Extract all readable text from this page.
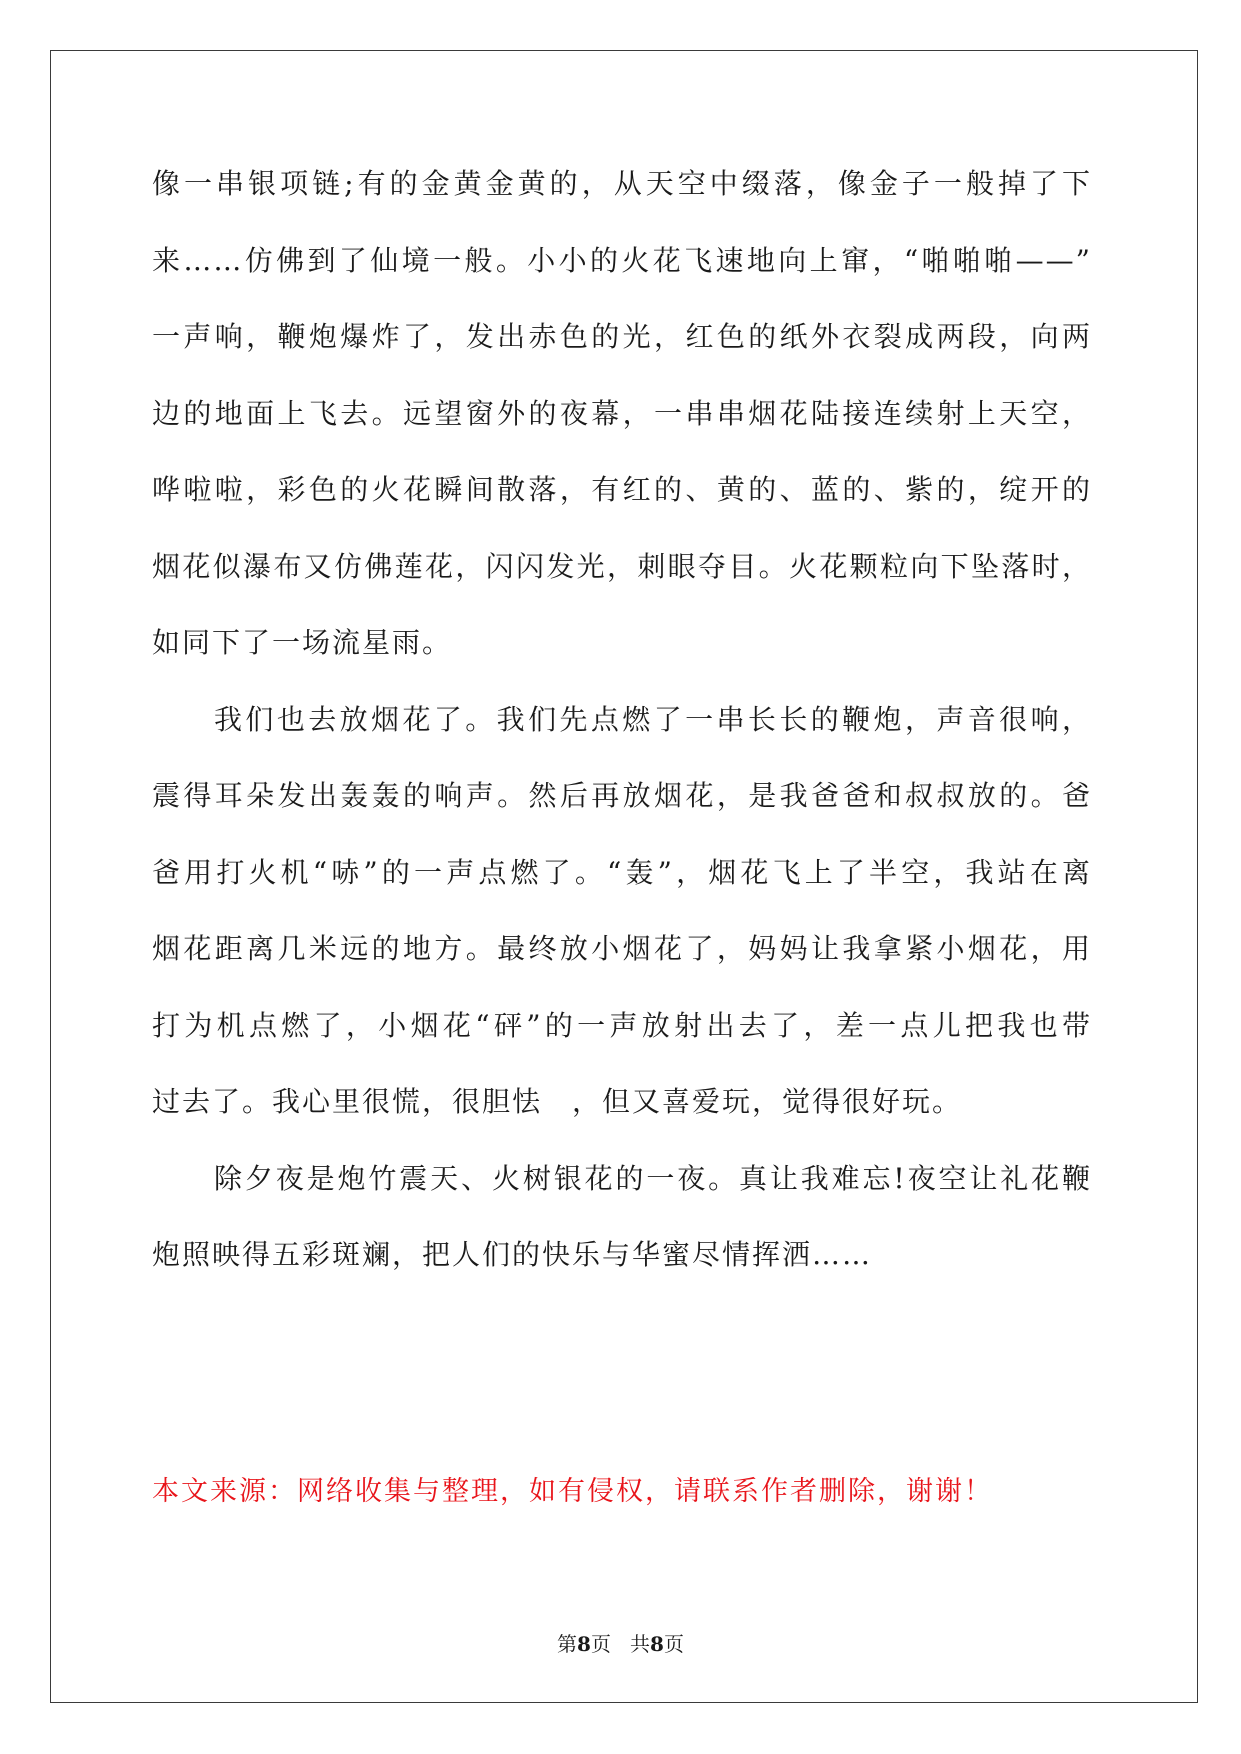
像一串银项链;有的金黄金黄的，从天空中缀落，像金子一般掉了下
来……仿佛到了仙境一般。小小的火花飞速地向上窜，“啪啪啪——”
一声响，鞭炮爆炸了，发出赤色的光，红色的纸外衣裂成两段，向两
边的地面上飞去。远望窗外的夜幕，一串串烟花陆接连续射上天空，
哗啦啦，彩色的火花瞬间散落，有红的、黄的、蓝的、紫的，绽开的
烟花似瀑布又仿佛莲花，闪闪发光，刺眼夺目。火花颗粒向下坠落时，
如同下了一场流星雨。
我们也去放烟花了。我们先点燃了一串长长的鞭炮，声音很响，
震得耳朵发出轰轰的响声。然后再放烟花，是我爸爸和叔叔放的。爸
爸用打火机“哧”的一声点燃了。“轰”，烟花飞上了半空，我站在离
烟花距离几米远的地方。最终放小烟花了，妈妈让我拿紧小烟花，用
打为机点燃了，小烟花“砰”的一声放射出去了，差一点儿把我也带
过去了。我心里很慌，很胆怯　，但又喜爱玩，觉得很好玩。
除夕夜是炮竹震天、火树银花的一夜。真让我难忘!夜空让礼花鞭
炮照映得五彩斑斓，把人们的快乐与华蜜尽情挥洒……
本文来源：网络收集与整理，如有侵权，请联系作者删除，谢谢！
第8页 共8页
